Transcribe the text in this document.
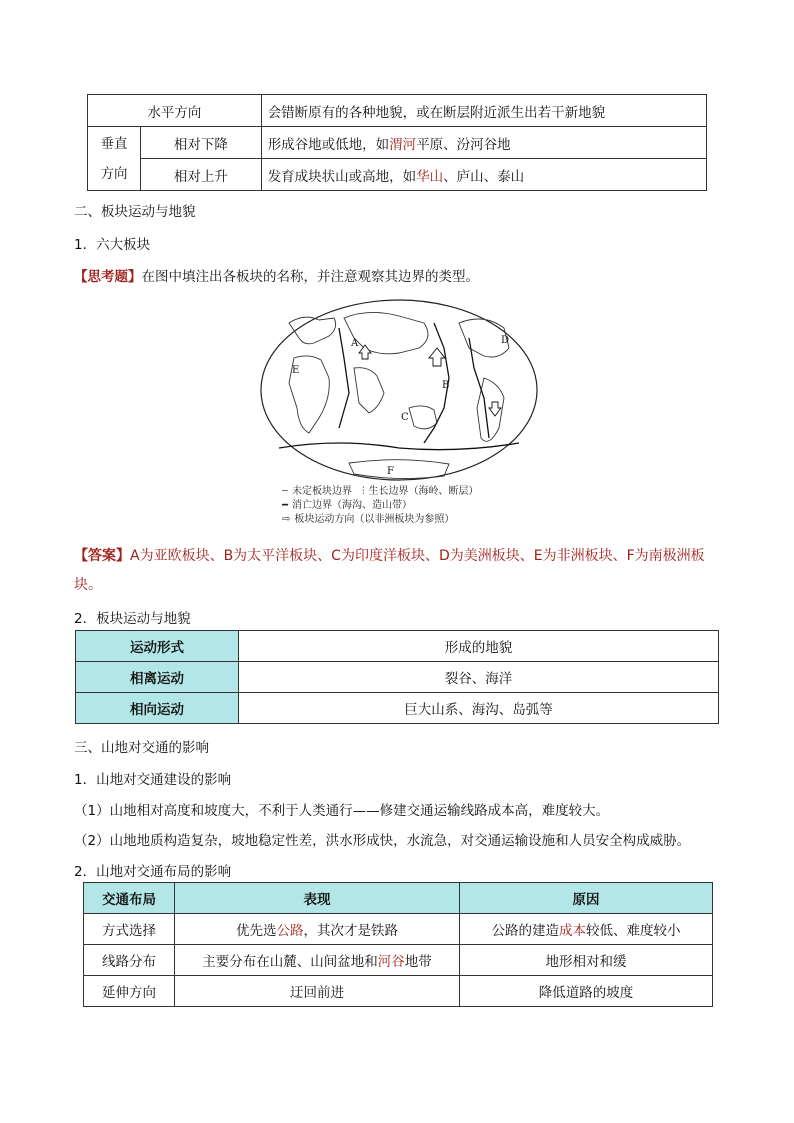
水平方向		会错断原有的各种地貌，或在断层附近派生出若干新地貌

垂直
方向	相对下降	形成谷地或低地，如渭河平原、汾河谷地
	相对上升	发育成块状山或高地，如华山、庐山、泰山
二、板块运动与地貌
1．六大板块
【思考题】在图中填注出各板块的名称，并注意观察其边界的类型。
A
B
C
D
E
F
┄ 未定板块边界 ⫶ 生长边界（海岭、断层）
━ 消亡边界（海沟、造山带）
⇨ 板块运动方向（以非洲板块为参照）
【答案】A为亚欧板块、B为太平洋板块、C为印度洋板块、D为美洲板块、E为非洲板块、F为南极洲板
块。
2．板块运动与地貌
运动形式	形成的地貌
相离运动	裂谷、海洋
相向运动	巨大山系、海沟、岛弧等
三、山地对交通的影响
1．山地对交通建设的影响
（1）山地相对高度和坡度大，不利于人类通行——修建交通运输线路成本高，难度较大。
（2）山地地质构造复杂，坡地稳定性差，洪水形成快，水流急，对交通运输设施和人员安全构成威胁。
2．山地对交通布局的影响
交通布局	表现	原因
方式选择	优先选公路，其次才是铁路	公路的建造成本较低、难度较小
线路分布	主要分布在山麓、山间盆地和河谷地带	地形相对和缓
延伸方向	迂回前进	降低道路的坡度
